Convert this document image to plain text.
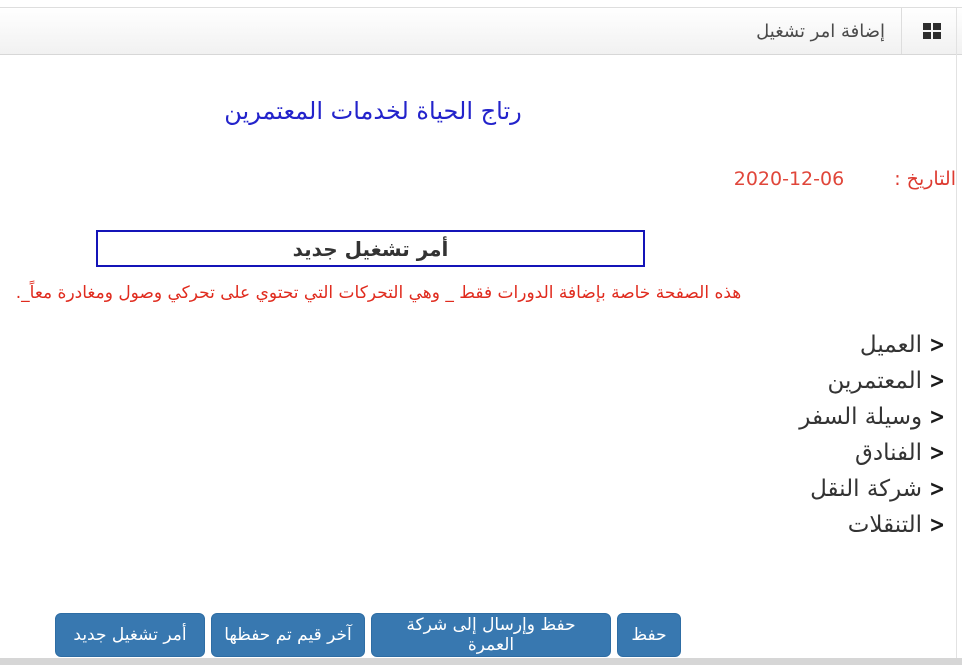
إضافة امر تشغيل
رتاج الحياة لخدمات المعتمرين
التاريخ : 06-12-2020
أمر تشغيل جديد
هذه الصفحة خاصة بإضافة الدورات فقط _ وهي التحركات التي تحتوي على تحركي وصول ومغادرة معاً_.
<
العميل
<
المعتمرين
<
وسيلة السفر
<
الفنادق
<
شركة النقل
<
التنقلات
حفظ
حفظ وإرسال إلى شركة العمرة
آخر قيم تم حفظها
أمر تشغيل جديد
